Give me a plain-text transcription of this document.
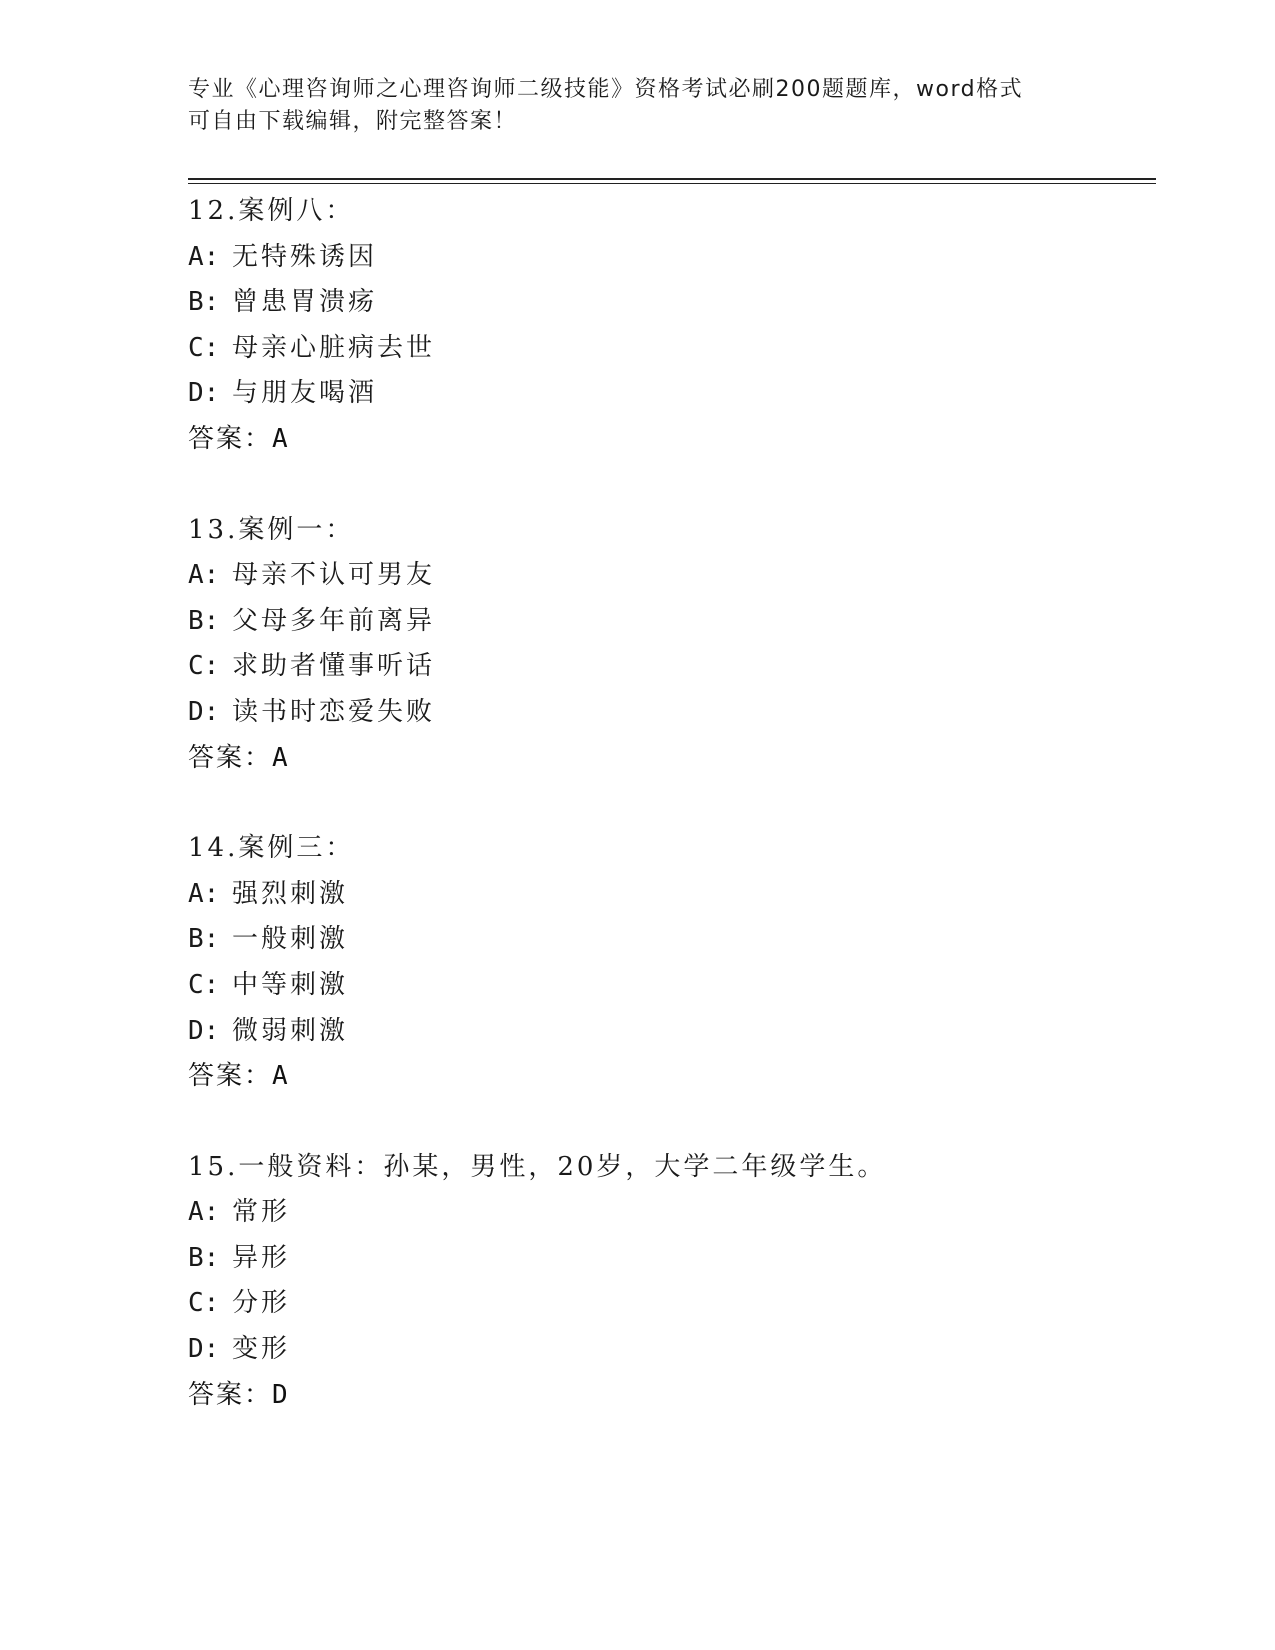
专业《心理咨询师之心理咨询师二级技能》资格考试必刷200题题库，word格式
可自由下载编辑，附完整答案！
12.案例八：
A: 无特殊诱因
B: 曾患胃溃疡
C: 母亲心脏病去世
D: 与朋友喝酒
答案：A
13.案例一：
A: 母亲不认可男友
B: 父母多年前离异
C: 求助者懂事听话
D: 读书时恋爱失败
答案：A
14.案例三：
A: 强烈刺激
B: 一般刺激
C: 中等刺激
D: 微弱刺激
答案：A
15.一般资料：孙某，男性，20岁，大学二年级学生。
A: 常形
B: 异形
C: 分形
D: 变形
答案：D
